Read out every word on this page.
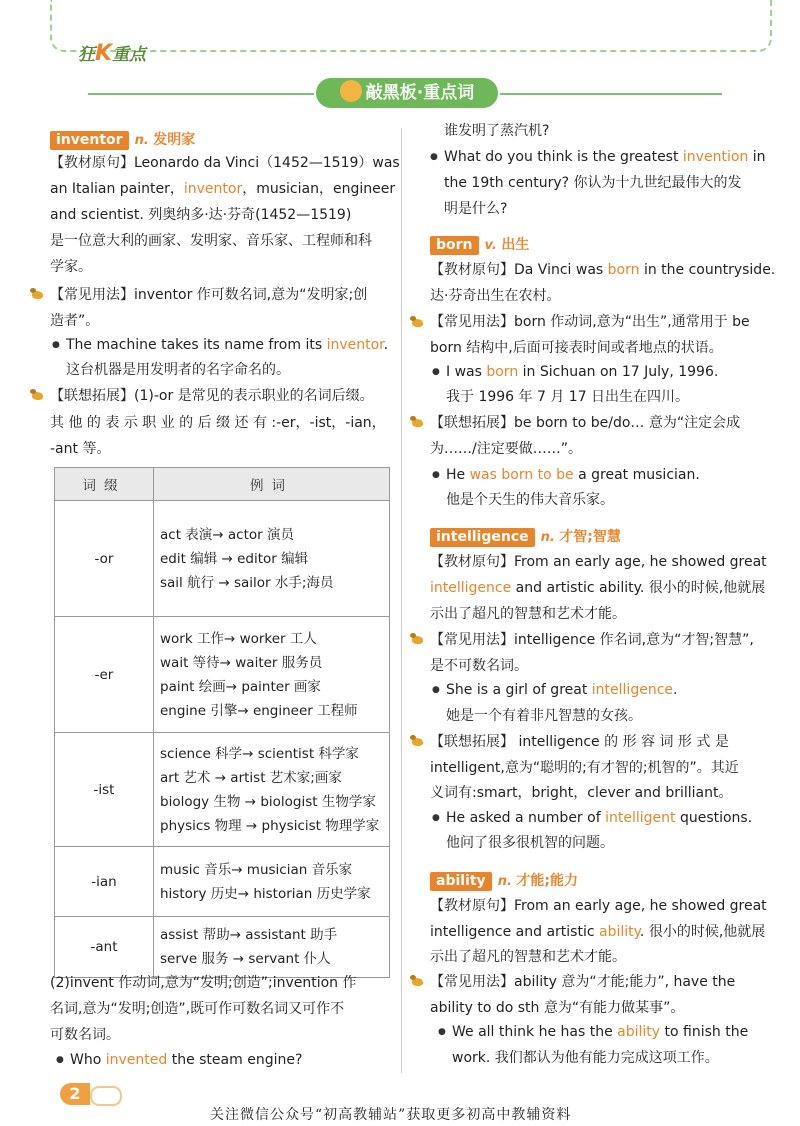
狂K重点
敲黑板·重点词
inventor n. 发明家
【教材原句】Leonardo da Vinci（1452—1519）was
an Italian painter，inventor，musician，engineer
and scientist. 列奥纳多·达·芬奇(1452—1519)
是一位意大利的画家、发明家、音乐家、工程师和科
学家。
【常见用法】inventor 作可数名词,意为“发明家;创
造者”。
● The machine takes its name from its inventor.
这台机器是用发明者的名字命名的。
【联想拓展】(1)-or 是常见的表示职业的名词后缀。
其 他 的 表 示 职 业 的 后 缀 还 有 :-er，-ist，-ian，
-ant 等。
词缀	例词
-or	act 表演→ actor 演员
edit 编辑 → editor 编辑
sail 航行 → sailor 水手;海员

-er	work 工作→ worker 工人
wait 等待→ waiter 服务员
paint 绘画→ painter 画家
engine 引擎→ engineer 工程师

-ist	science 科学→ scientist 科学家
art 艺术 → artist 艺术家;画家
biology 生物 → biologist 生物学家
physics 物理 → physicist 物理学家

-ian	music 音乐→ musician 音乐家
history 历史→ historian 历史学家

-ant	assist 帮助→ assistant 助手
serve 服务 → servant 仆人
(2)invent 作动词,意为“发明;创造”;invention 作
名词,意为“发明;创造”,既可作可数名词又可作不
可数名词。
● Who invented the steam engine?
谁发明了蒸汽机?
● What do you think is the greatest invention in
the 19th century? 你认为十九世纪最伟大的发
明是什么?
born v. 出生
【教材原句】Da Vinci was born in the countryside.
达·芬奇出生在农村。
【常见用法】born 作动词,意为“出生”,通常用于 be
born 结构中,后面可接表时间或者地点的状语。
● I was born in Sichuan on 17 July, 1996.
我于 1996 年 7 月 17 日出生在四川。
【联想拓展】be born to be/do… 意为“注定会成
为……/注定要做……”。
● He was born to be a great musician.
他是个天生的伟大音乐家。
intelligence n. 才智;智慧
【教材原句】From an early age, he showed great
intelligence and artistic ability. 很小的时候,他就展
示出了超凡的智慧和艺术才能。
【常见用法】intelligence 作名词,意为“才智;智慧”,
是不可数名词。
● She is a girl of great intelligence.
她是一个有着非凡智慧的女孩。
【联想拓展】 intelligence 的 形 容 词 形 式 是
intelligent,意为“聪明的;有才智的;机智的”。其近
义词有:smart，bright，clever and brilliant。
● He asked a number of intelligent questions.
他问了很多很机智的问题。
ability n. 才能;能力
【教材原句】From an early age, he showed great
intelligence and artistic ability. 很小的时候,他就展
示出了超凡的智慧和艺术才能。
【常见用法】ability 意为“才能;能力”, have the
ability to do sth 意为“有能力做某事”。
● We all think he has the ability to finish the
work. 我们都认为他有能力完成这项工作。
2
关注微信公众号“初高教辅站”获取更多初高中教辅资料
